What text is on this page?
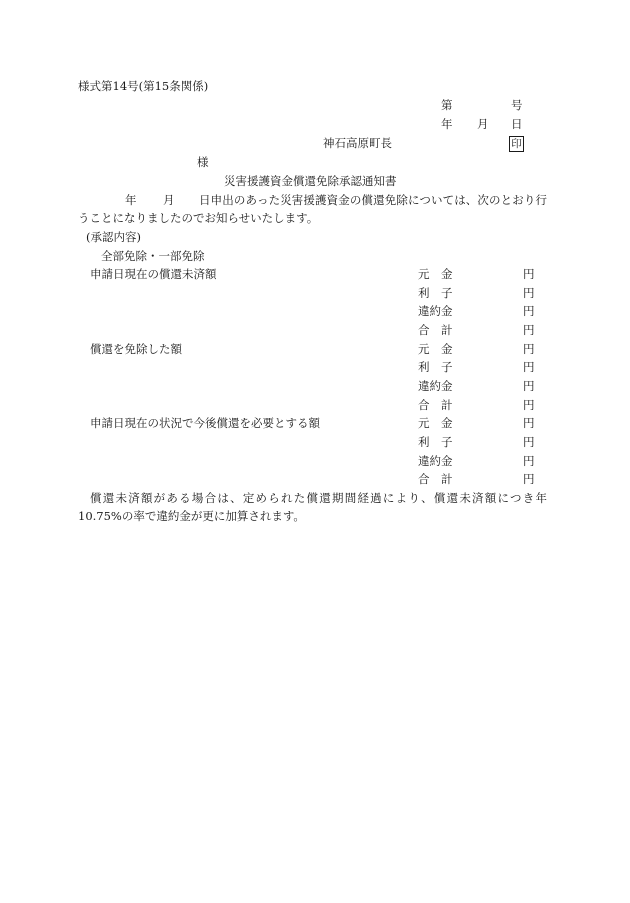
様式第14号(第15条関係)
第	号
年 月 日
神石高原町長	印
様
災害援護資金償還免除承認通知書
年 月 日申出のあった災害援護資金の償還免除については、次のとおり行
うことになりましたのでお知らせいたします。
(承認内容)
全部免除・一部免除
申請日現在の償還未済額	元　金	円
利　子	円
違約金	円
合　計	円
償還を免除した額	元　金	円
利　子	円
違約金	円
合　計	円
申請日現在の状況で今後償還を必要とする額	元　金	円
利　子	円
違約金	円
合　計	円
償還未済額がある場合は、定められた償還期間経過により、償還未済額につき年
10.75%の率で違約金が更に加算されます。
